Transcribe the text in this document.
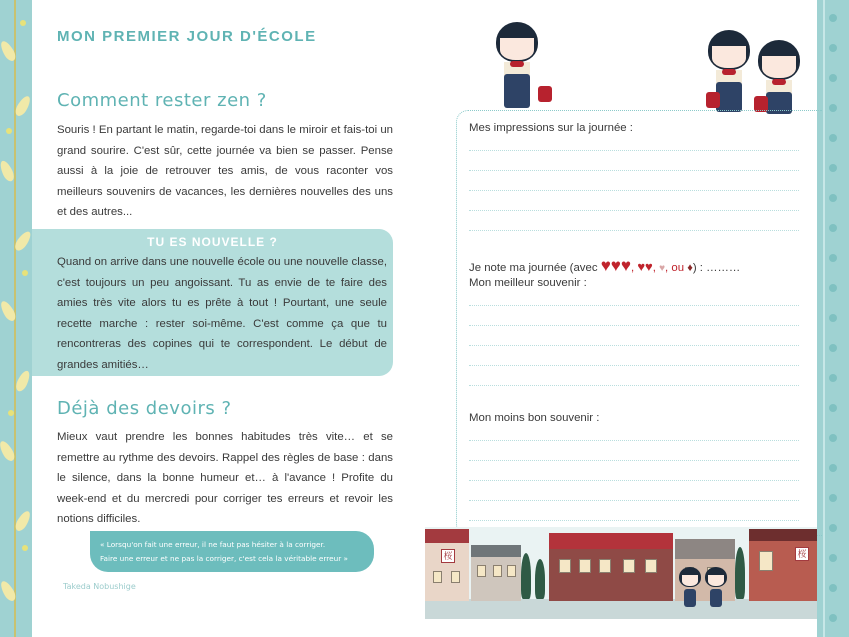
MON PREMIER JOUR D'ÉCOLE
Comment rester zen ?

Souris ! En partant le matin, regarde-toi dans le miroir et fais-toi un grand sourire. C'est sûr, cette journée va bien se passer. Pense aussi à la joie de retrouver tes amis, de vous raconter vos meilleurs souvenirs de vacances, les dernières nouvelles des uns et des autres...

TU ES NOUVELLE ?

Quand on arrive dans une nouvelle école ou une nouvelle classe, c'est toujours un peu angoissant. Tu as envie de te faire des amies très vite alors tu es prête à tout ! Pourtant, une seule recette marche : rester soi-même. C'est comme ça que tu rencontreras des copines qui te correspondent. Le début de grandes amitiés…

Déjà des devoirs ?

Mieux vaut prendre les bonnes habitudes très vite… et se remettre au rythme des devoirs. Rappel des règles de base : dans le silence, dans la bonne humeur et… à l'avance ! Profite du week-end et du mercredi pour corriger tes erreurs et revoir les notions difficiles.

« Lorsqu'on fait une erreur, il ne faut pas hésiter à la corriger.
Faire une erreur et ne pas la corriger, c'est cela la véritable erreur »
Takeda Nobushige
Mes impressions sur la journée :
Je note ma journée (avec ♥♥♥, ♥♥, ♥, ou ♦) : ………
Mon meilleur souvenir :
Mon moins bon souvenir :
桜	桜
